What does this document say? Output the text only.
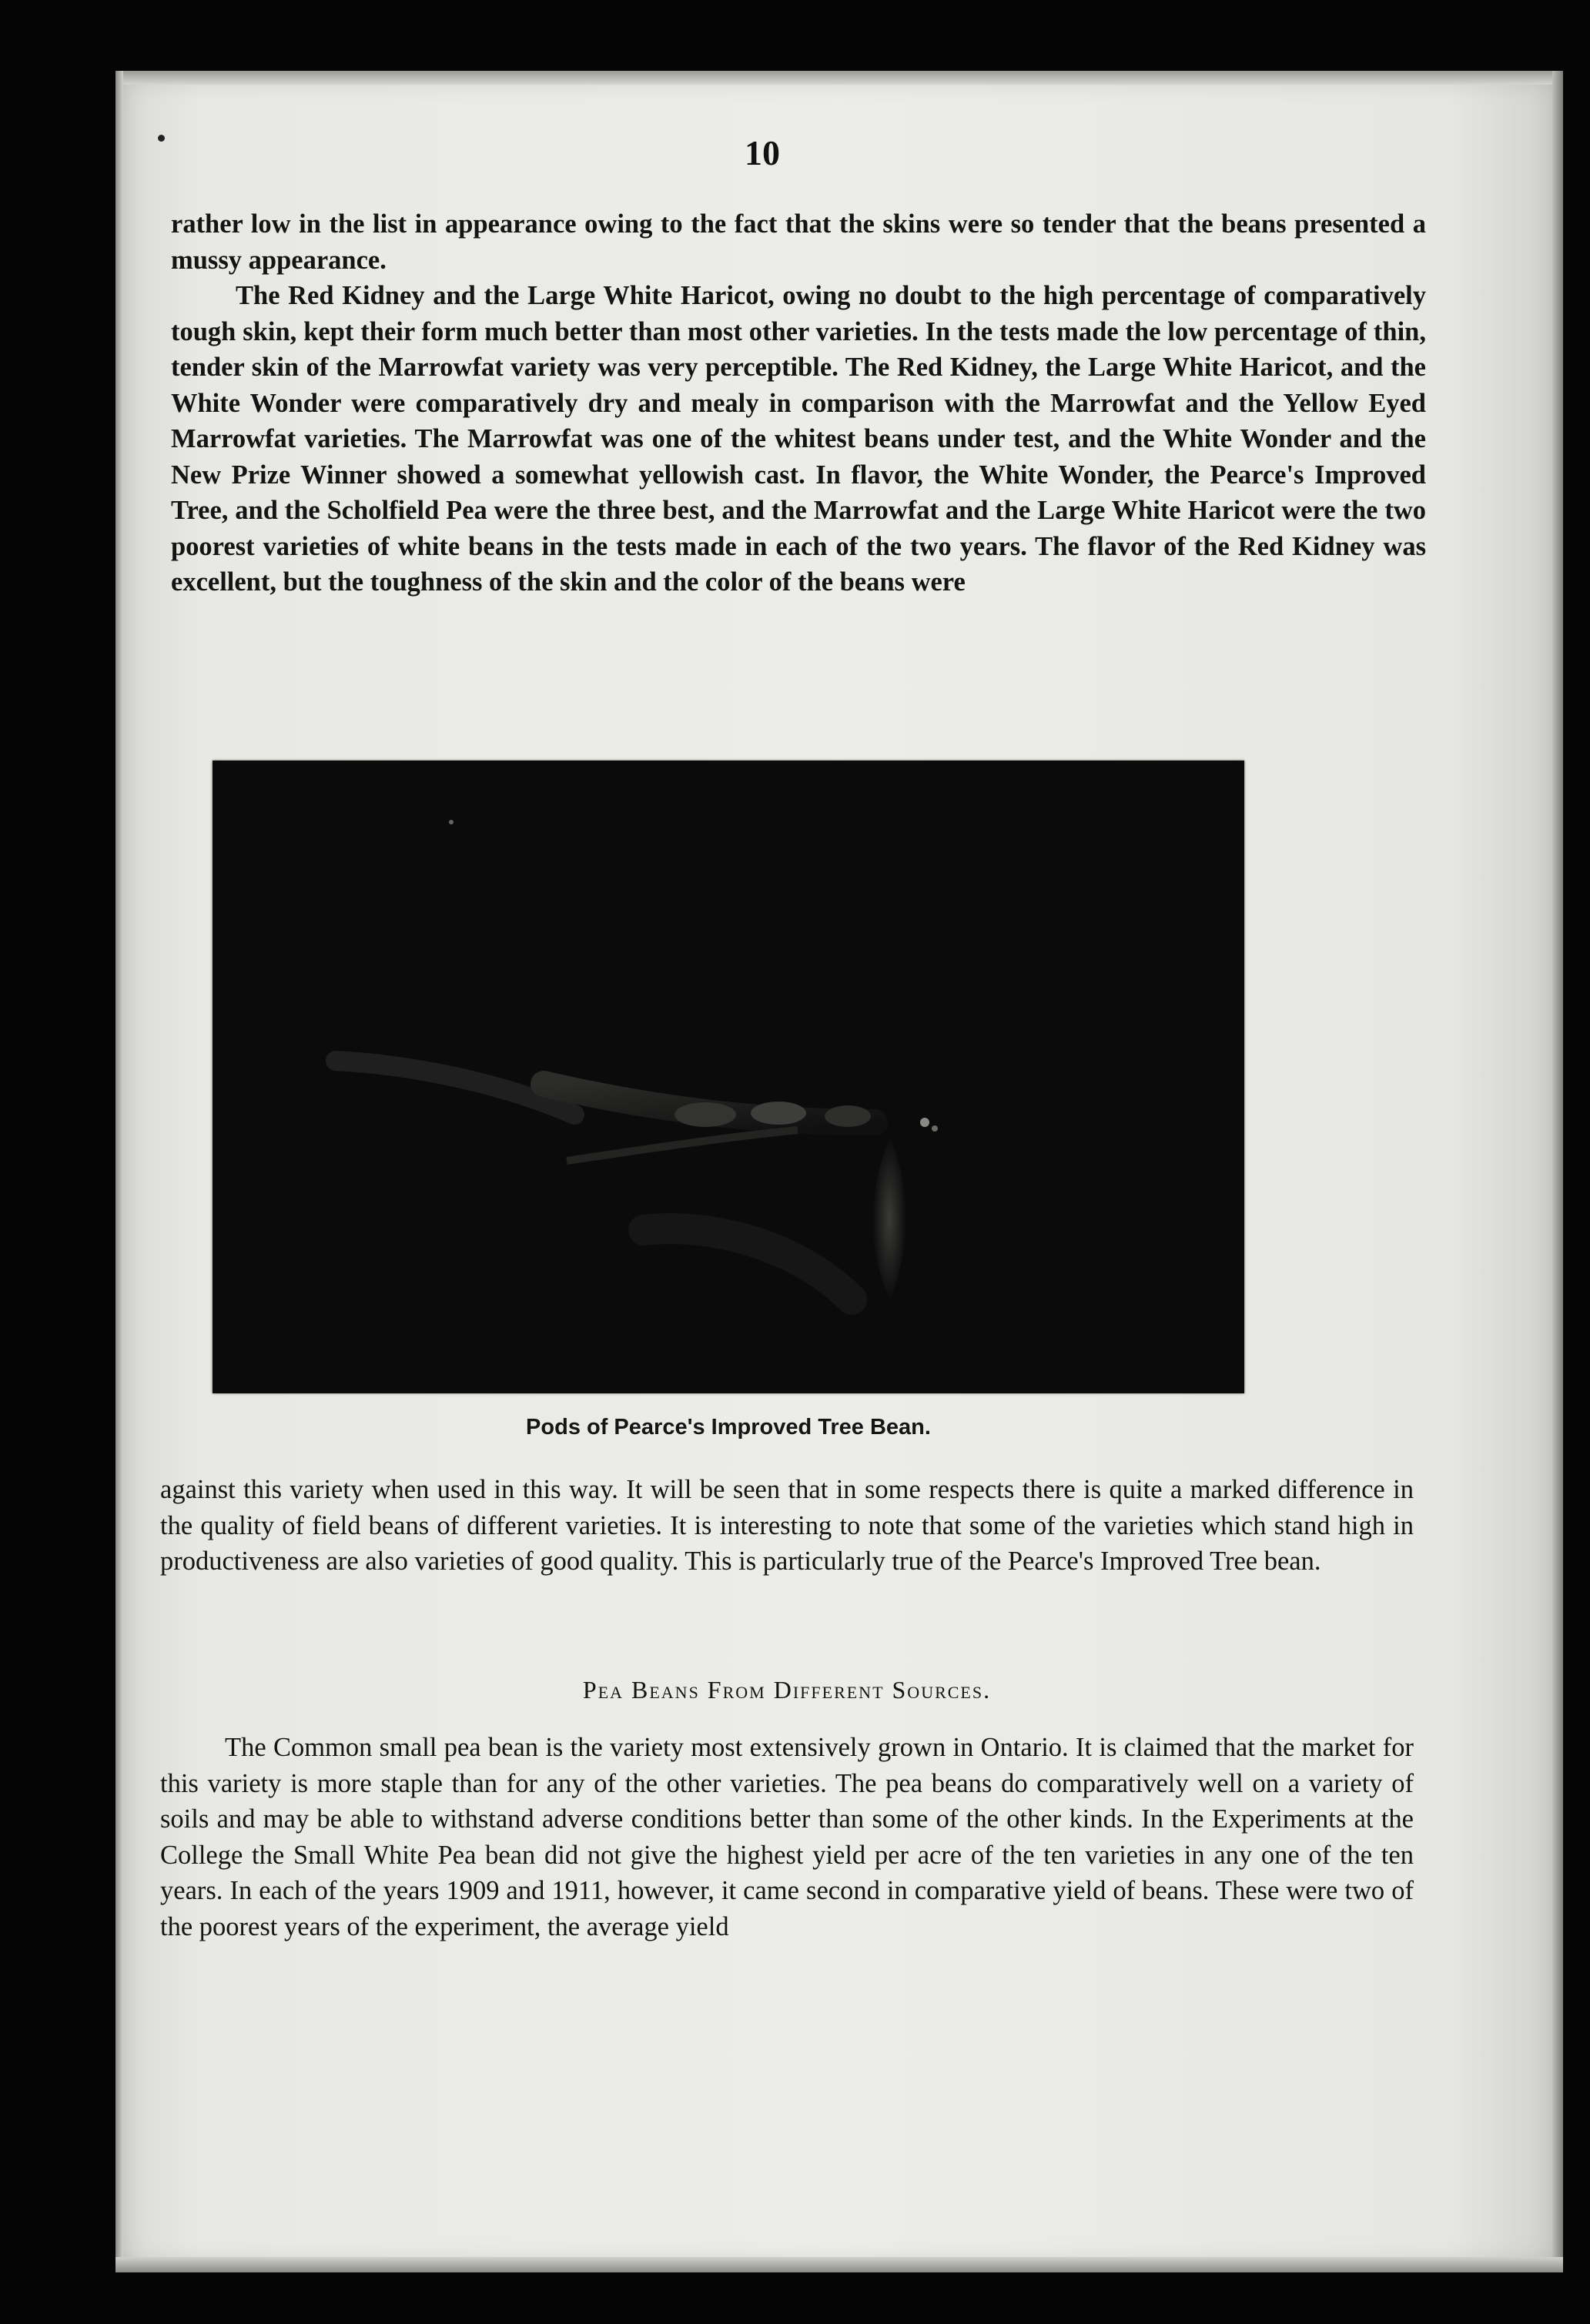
10

rather low in the list in appearance owing to the fact that the skins were so tender that the beans presented a mussy appearance.

The Red Kidney and the Large White Haricot, owing no doubt to the high percentage of comparatively tough skin, kept their form much better than most other varieties. In the tests made the low percentage of thin, tender skin of the Marrowfat variety was very perceptible. The Red Kidney, the Large White Haricot, and the White Wonder were comparatively dry and mealy in comparison with the Marrowfat and the Yellow Eyed Marrowfat varieties. The Marrowfat was one of the whitest beans under test, and the White Wonder and the New Prize Winner showed a somewhat yellowish cast. In flavor, the White Wonder, the Pearce's Improved Tree, and the Scholfield Pea were the three best, and the Marrowfat and the Large White Haricot were the two poorest varieties of white beans in the tests made in each of the two years. The flavor of the Red Kidney was excellent, but the toughness of the skin and the color of the beans were

Pods of Pearce's Improved Tree Bean.

against this variety when used in this way. It will be seen that in some respects there is quite a marked difference in the quality of field beans of different varieties. It is interesting to note that some of the varieties which stand high in productiveness are also varieties of good quality. This is particularly true of the Pearce's Improved Tree bean.

Pea Beans From Different Sources.

The Common small pea bean is the variety most extensively grown in Ontario. It is claimed that the market for this variety is more staple than for any of the other varieties. The pea beans do comparatively well on a variety of soils and may be able to withstand adverse conditions better than some of the other kinds. In the Experiments at the College the Small White Pea bean did not give the highest yield per acre of the ten varieties in any one of the ten years. In each of the years 1909 and 1911, however, it came second in comparative yield of beans. These were two of the poorest years of the experiment, the average yield
